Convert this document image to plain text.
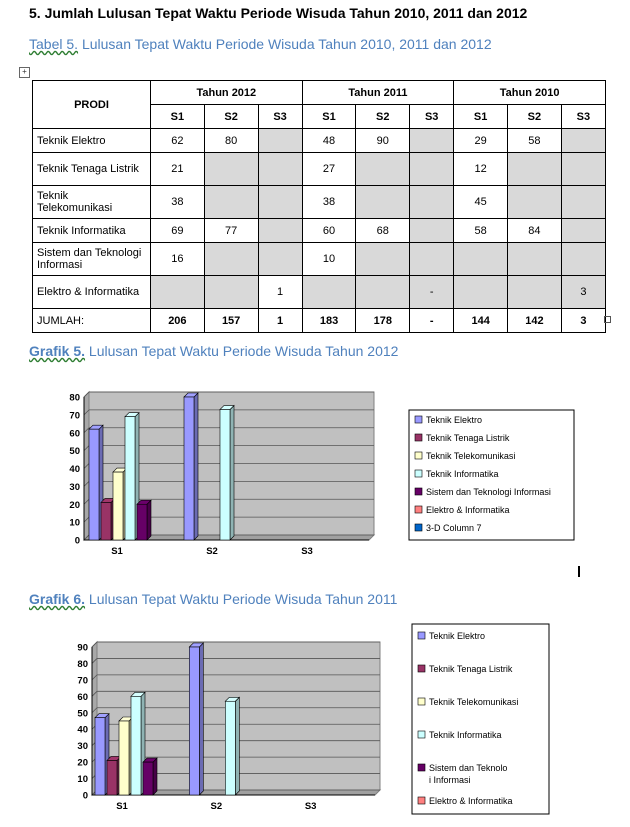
5. Jumlah Lulusan Tepat Waktu Periode Wisuda Tahun 2010, 2011 dan 2012
Tabel 5. Lulusan Tepat Waktu Periode Wisuda Tahun 2010, 2011 dan 2012
+
PRODI	Tahun 2012			Tahun 2011			Tahun 2010		
	S1	S2	S3	S1	S2	S3	S1	S2	S3
Teknik Elektro	62	80		48	90		29	58	
Teknik Tenaga Listrik	21			27			12		
Teknik Telekomunikasi	38			38			45		
Teknik Informatika	69	77		60	68		58	84	
Sistem dan Teknologi Informasi	16			10					
Elektro & Informatika			1			-			3
JUMLAH:	206	157	1	183	178	-	144	142	3
Grafik 5. Lulusan Tepat Waktu Periode Wisuda Tahun 2012
0
10
20
30
40
50
60
70
80
S1	S2	S3
Teknik Elektro
Teknik Tenaga Listrik
Teknik Telekomunikasi
Teknik Informatika
Sistem dan Teknologi Informasi
Elektro & Informatika
3-D Column 7
Grafik 6. Lulusan Tepat Waktu Periode Wisuda Tahun 2011
0
10
20
30
40
50
60
70
80
90
S1	S2	S3
Teknik Elektro
Teknik Tenaga Listrik
Teknik Telekomunikasi
Teknik Informatika
Sistem dan Teknolo
i Informasi
Elektro & Informatika
